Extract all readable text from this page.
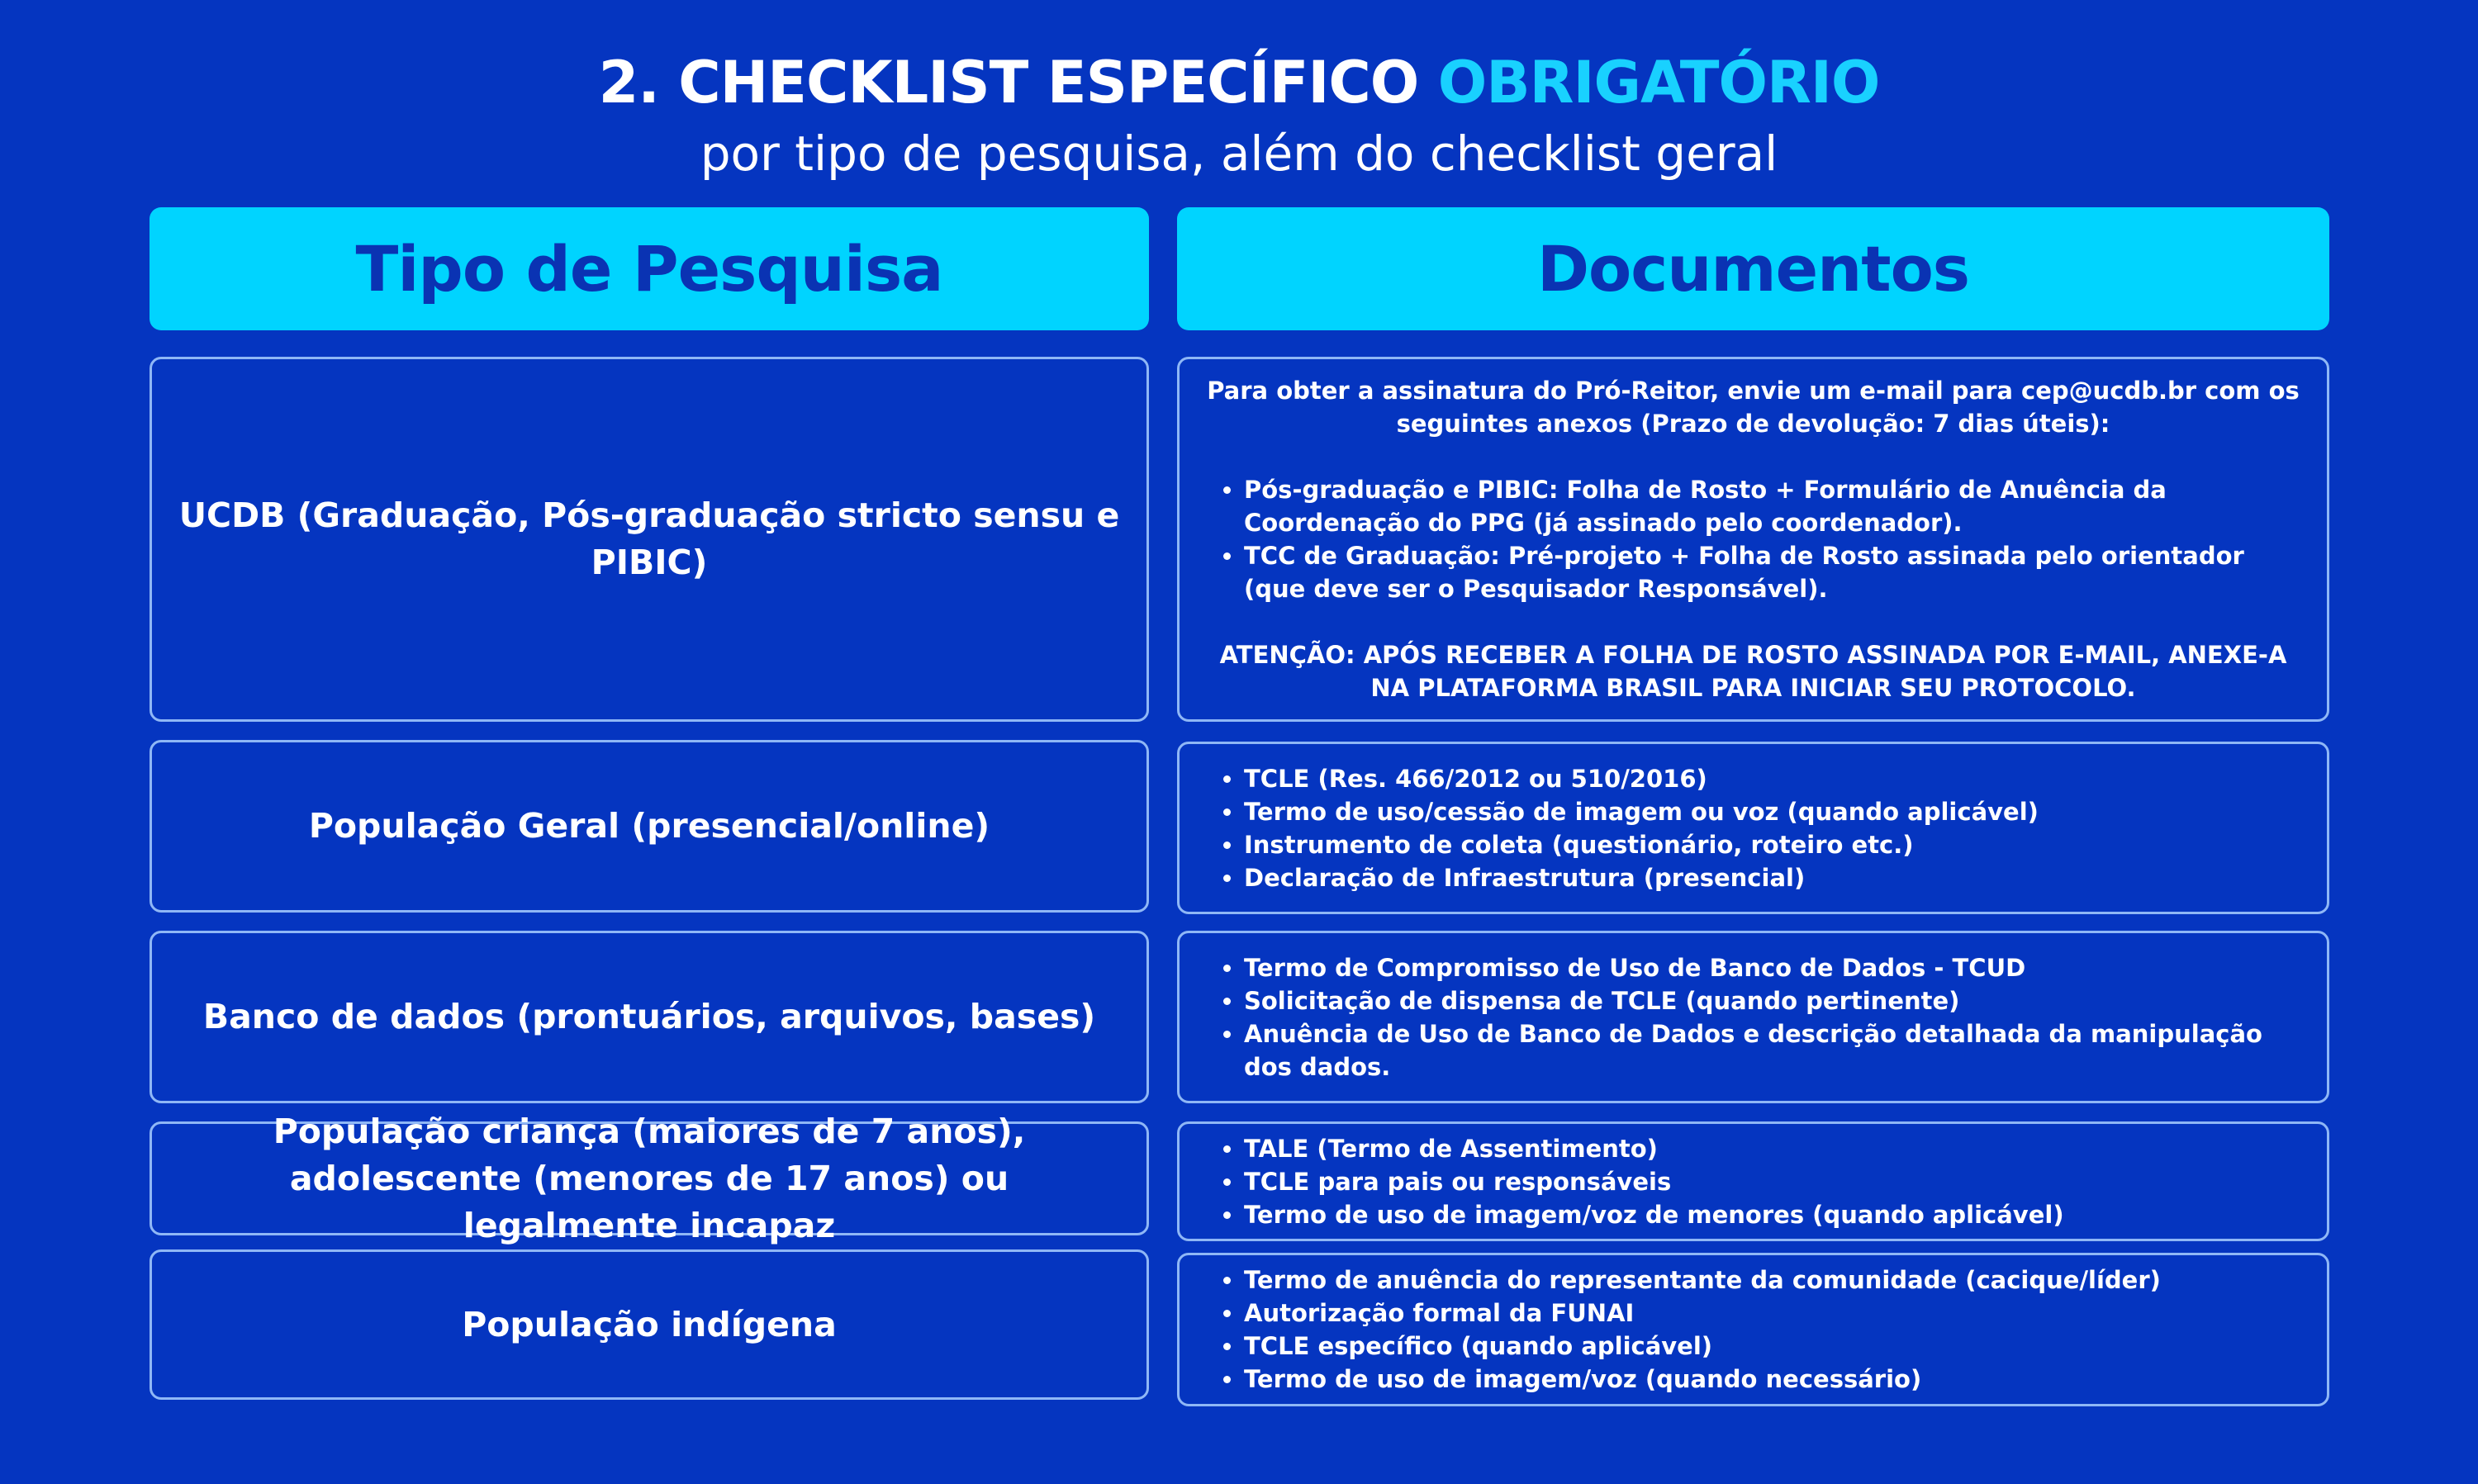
2. CHECKLIST ESPECÍFICO OBRIGATÓRIO
por tipo de pesquisa, além do checklist geral
Tipo de Pesquisa	Documentos
UCDB (Graduação, Pós-graduação stricto sensu e PIBIC)
Para obter a assinatura do Pró-Reitor, envie um e-mail para cep@ucdb.br com os seguintes anexos (Prazo de devolução: 7 dias úteis):
• Pós-graduação e PIBIC: Folha de Rosto + Formulário de Anuência da Coordenação do PPG (já assinado pelo coordenador).
• TCC de Graduação: Pré-projeto + Folha de Rosto assinada pelo orientador (que deve ser o Pesquisador Responsável).
ATENÇÃO: APÓS RECEBER A FOLHA DE ROSTO ASSINADA POR E-MAIL, ANEXE-A NA PLATAFORMA BRASIL PARA INICIAR SEU PROTOCOLO.
População Geral (presencial/online)
• TCLE (Res. 466/2012 ou 510/2016)
• Termo de uso/cessão de imagem ou voz (quando aplicável)
• Instrumento de coleta (questionário, roteiro etc.)
• Declaração de Infraestrutura (presencial)
Banco de dados (prontuários, arquivos, bases)
• Termo de Compromisso de Uso de Banco de Dados - TCUD
• Solicitação de dispensa de TCLE (quando pertinente)
• Anuência de Uso de Banco de Dados e descrição detalhada da manipulação dos dados.
População criança (maiores de 7 anos), adolescente (menores de 17 anos) ou legalmente incapaz
• TALE (Termo de Assentimento)
• TCLE para pais ou responsáveis
• Termo de uso de imagem/voz de menores (quando aplicável)
População indígena
• Termo de anuência do representante da comunidade (cacique/líder)
• Autorização formal da FUNAI
• TCLE específico (quando aplicável)
• Termo de uso de imagem/voz (quando necessário)
